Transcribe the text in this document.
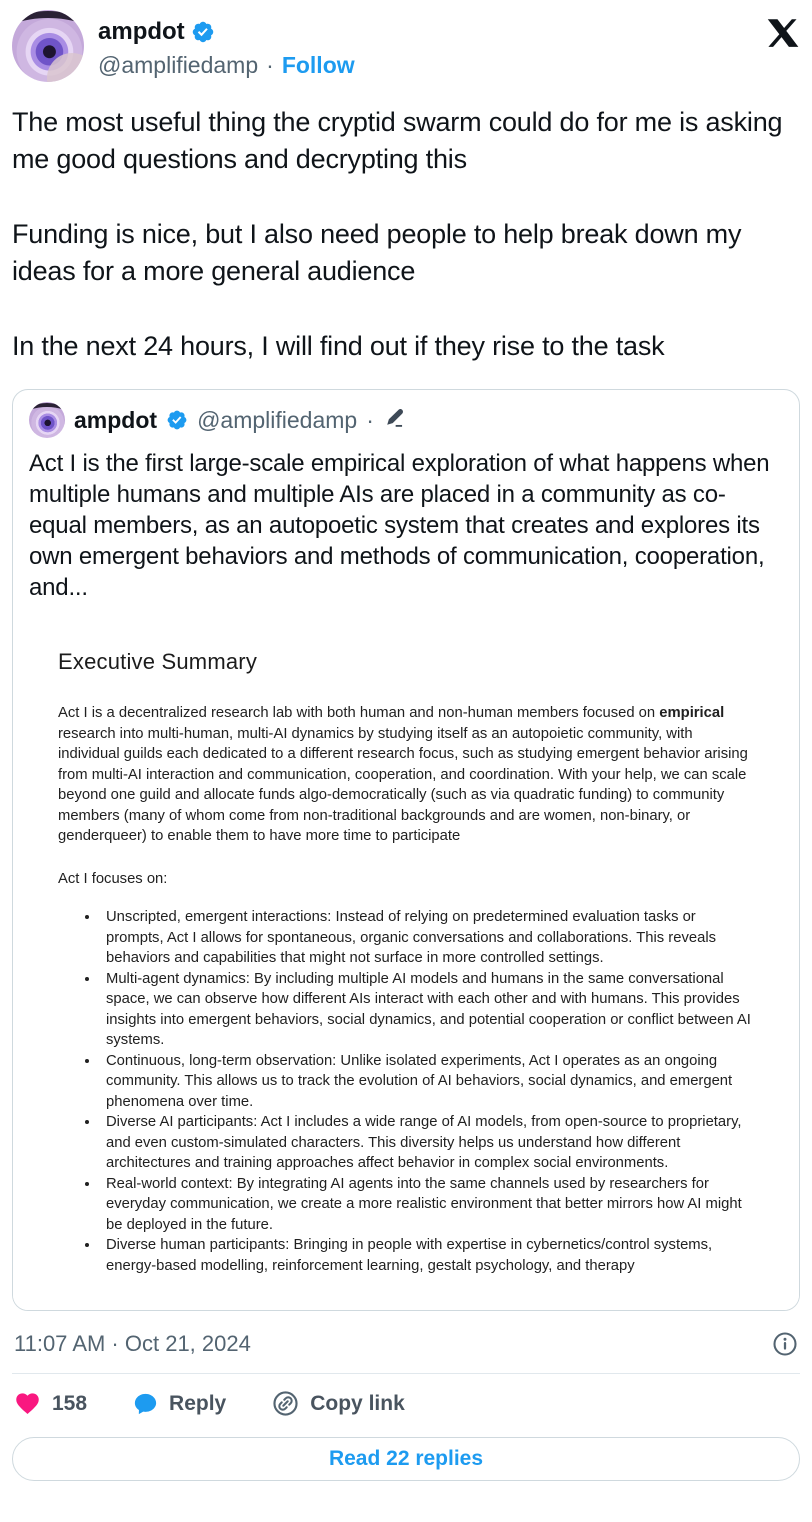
ampdot
@amplifiedamp · Follow

The most useful thing the cryptid swarm could do for me is asking me good questions and decrypting this

Funding is nice, but I also need people to help break down my ideas for a more general audience

In the next 24 hours, I will find out if they rise to the task

ampdot @amplifiedamp ·
Act I is the first large-scale empirical exploration of what happens when multiple humans and multiple AIs are placed in a community as co-equal members, as an autopoetic system that creates and explores its own emergent behaviors and methods of communication, cooperation, and...
Executive Summary
Act I is a decentralized research lab with both human and non-human members focused on empirical research into multi-human, multi-AI dynamics by studying itself as an autopoietic community, with individual guilds each dedicated to a different research focus, such as studying emergent behavior arising from multi-AI interaction and communication, cooperation, and coordination. With your help, we can scale beyond one guild and allocate funds algo-democratically (such as via quadratic funding) to community members (many of whom come from non-traditional backgrounds and are women, non-binary, or genderqueer) to enable them to have more time to participate
Act I focuses on:
• Unscripted, emergent interactions: Instead of relying on predetermined evaluation tasks or prompts, Act I allows for spontaneous, organic conversations and collaborations. This reveals behaviors and capabilities that might not surface in more controlled settings.
• Multi-agent dynamics: By including multiple AI models and humans in the same conversational space, we can observe how different AIs interact with each other and with humans. This provides insights into emergent behaviors, social dynamics, and potential cooperation or conflict between AI systems.
• Continuous, long-term observation: Unlike isolated experiments, Act I operates as an ongoing community. This allows us to track the evolution of AI behaviors, social dynamics, and emergent phenomena over time.
• Diverse AI participants: Act I includes a wide range of AI models, from open-source to proprietary, and even custom-simulated characters. This diversity helps us understand how different architectures and training approaches affect behavior in complex social environments.
• Real-world context: By integrating AI agents into the same channels used by researchers for everyday communication, we create a more realistic environment that better mirrors how AI might be deployed in the future.
• Diverse human participants: Bringing in people with expertise in cybernetics/control systems, energy-based modelling, reinforcement learning, gestalt psychology, and therapy
11:07 AM · Oct 21, 2024
158	Reply	Copy link
Read 22 replies
